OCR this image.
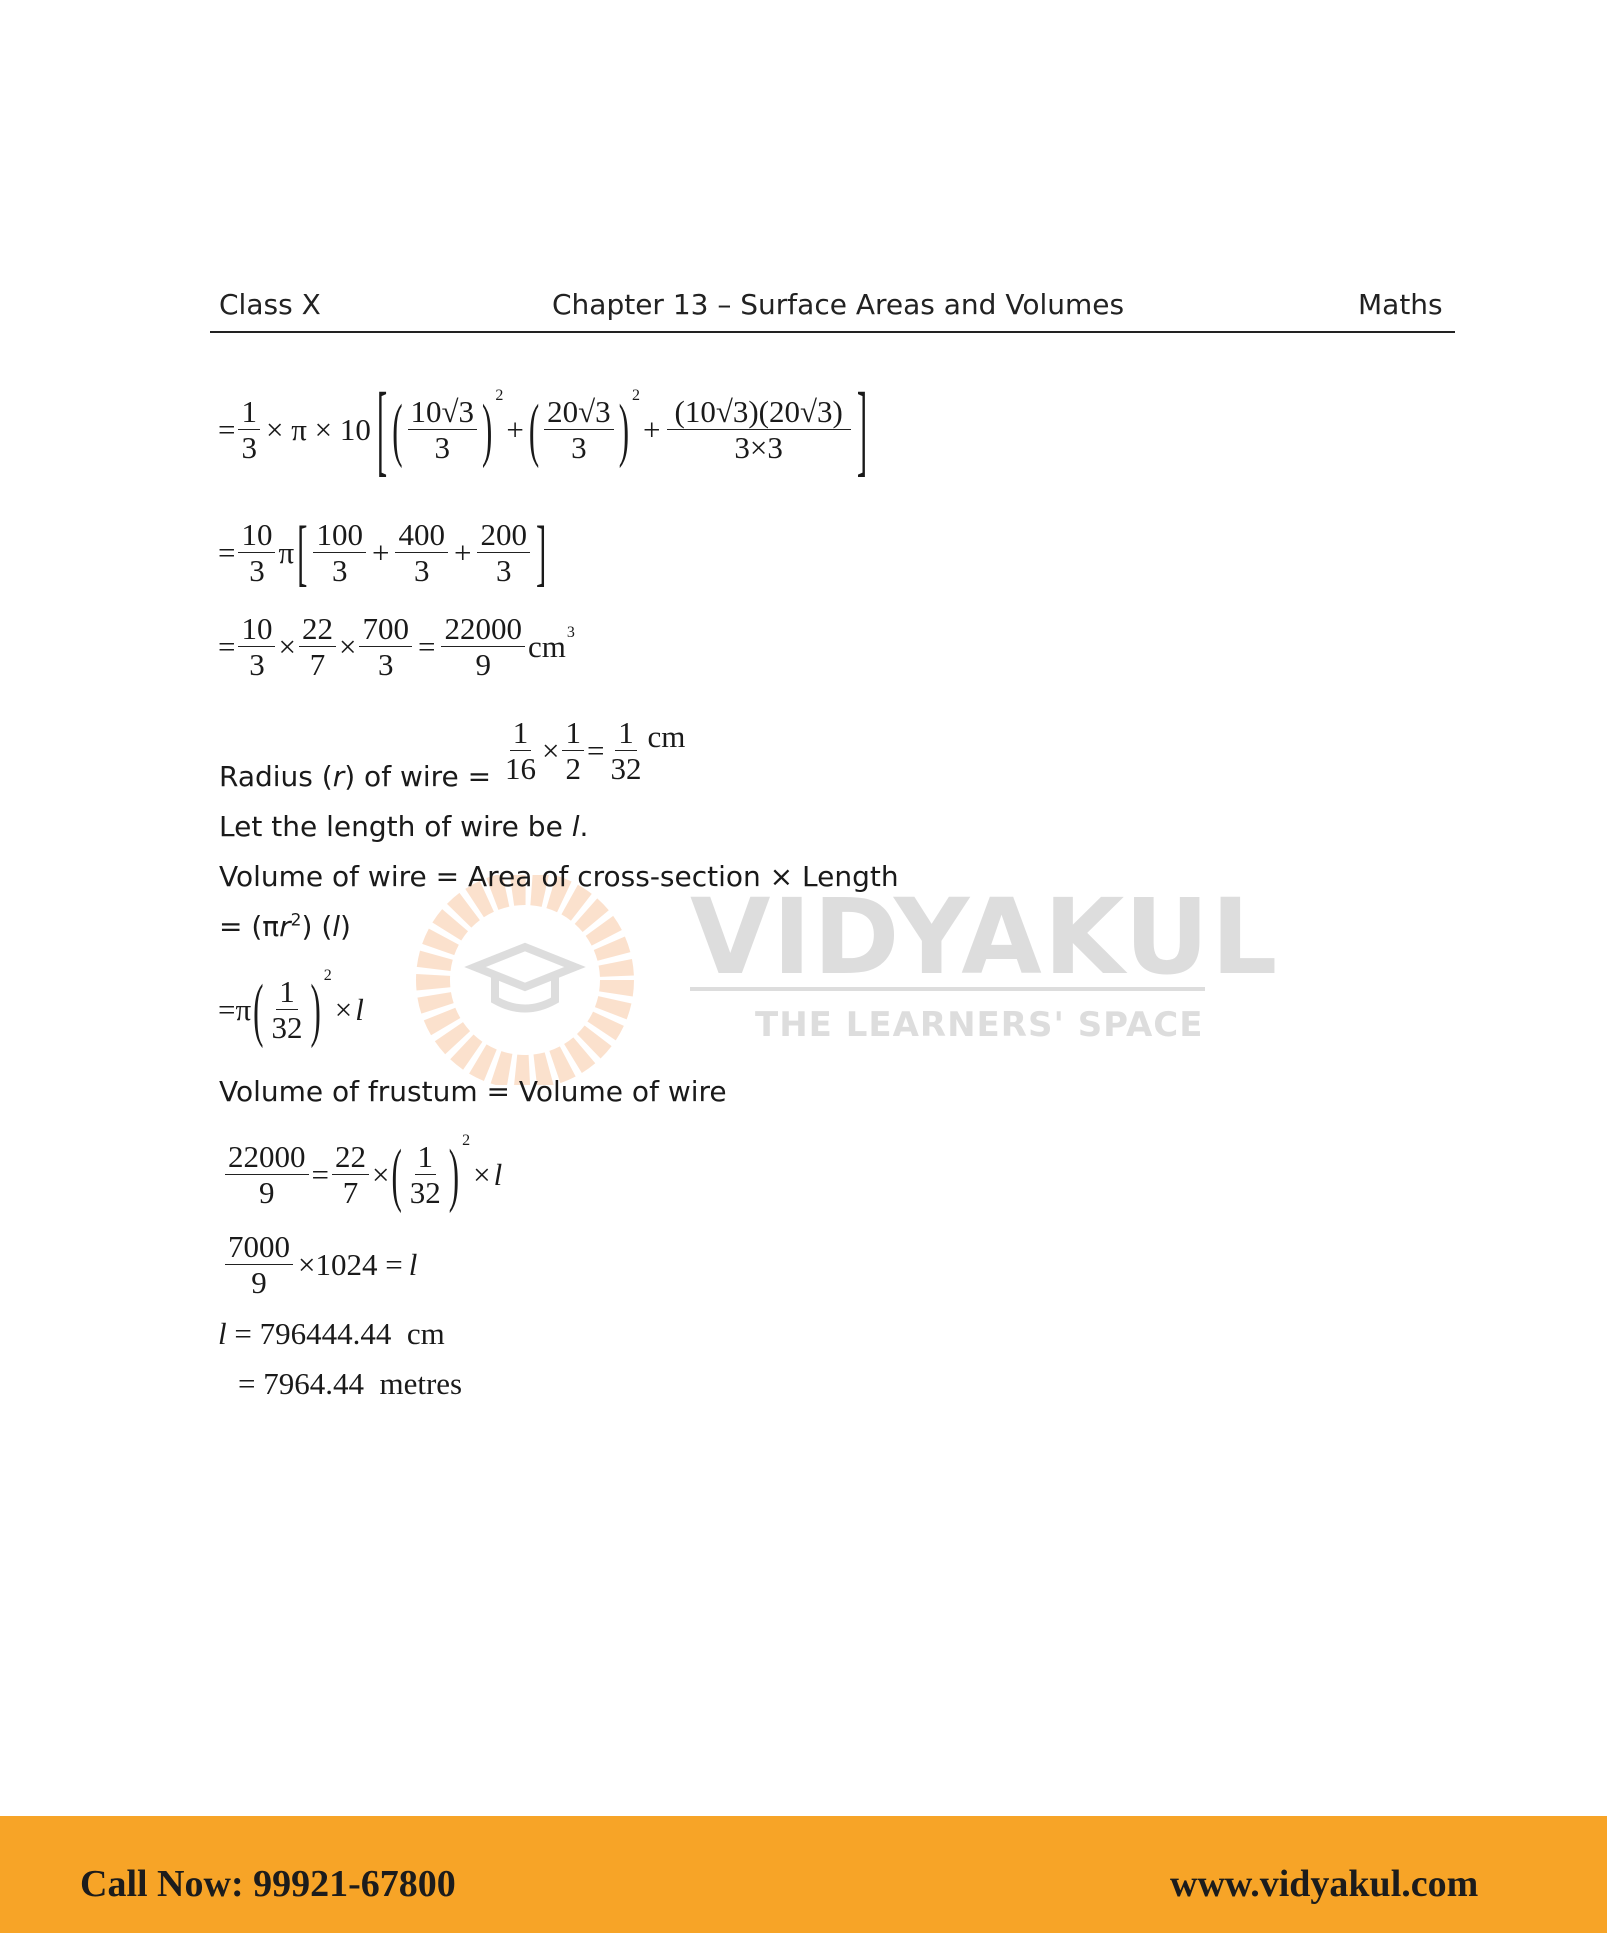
Class X	Chapter 13 – Surface Areas and Volumes	Maths
VIDYAKUL
THE LEARNERS' SPACE
= $\frac{1}{3} \times \pi \times 10$ [ ( $\frac{10√3}{3}$ ) 2
+ ( $\frac{20√3}{3}$ ) 2
+ $\frac{(10√3)(20√3)}{3\times 3}$ ]
= $\frac{10}{3}$ π [ $\frac{100}{3} + \frac{400}{3} + \frac{200}{3}$ ]
= $\frac{10}{3} \times \frac{22}{7} \times \frac{700}{3} = \frac{22000}{9}$ cm 3
Radius (r) of wire = $\frac{1}{16} \times \frac{1}{2} = \frac{1}{32}$ cm
Let the length of wire be l.
Volume of wire = Area of cross-section × Length
= $(\pi r^2)$ (l)
= π ( $\frac{1}{32}$ ) 2
× l
Volume of frustum = Volume of wire
$\frac{22000}{9} = \frac{22}{7}$ × ( $\frac{1}{32}$ ) 2
× l
$\frac{7000}{9} \times 1024 = l$
l = 796444.44  cm
= 7964.44  metres
Call Now: 99921-67800	www.vidyakul.com
